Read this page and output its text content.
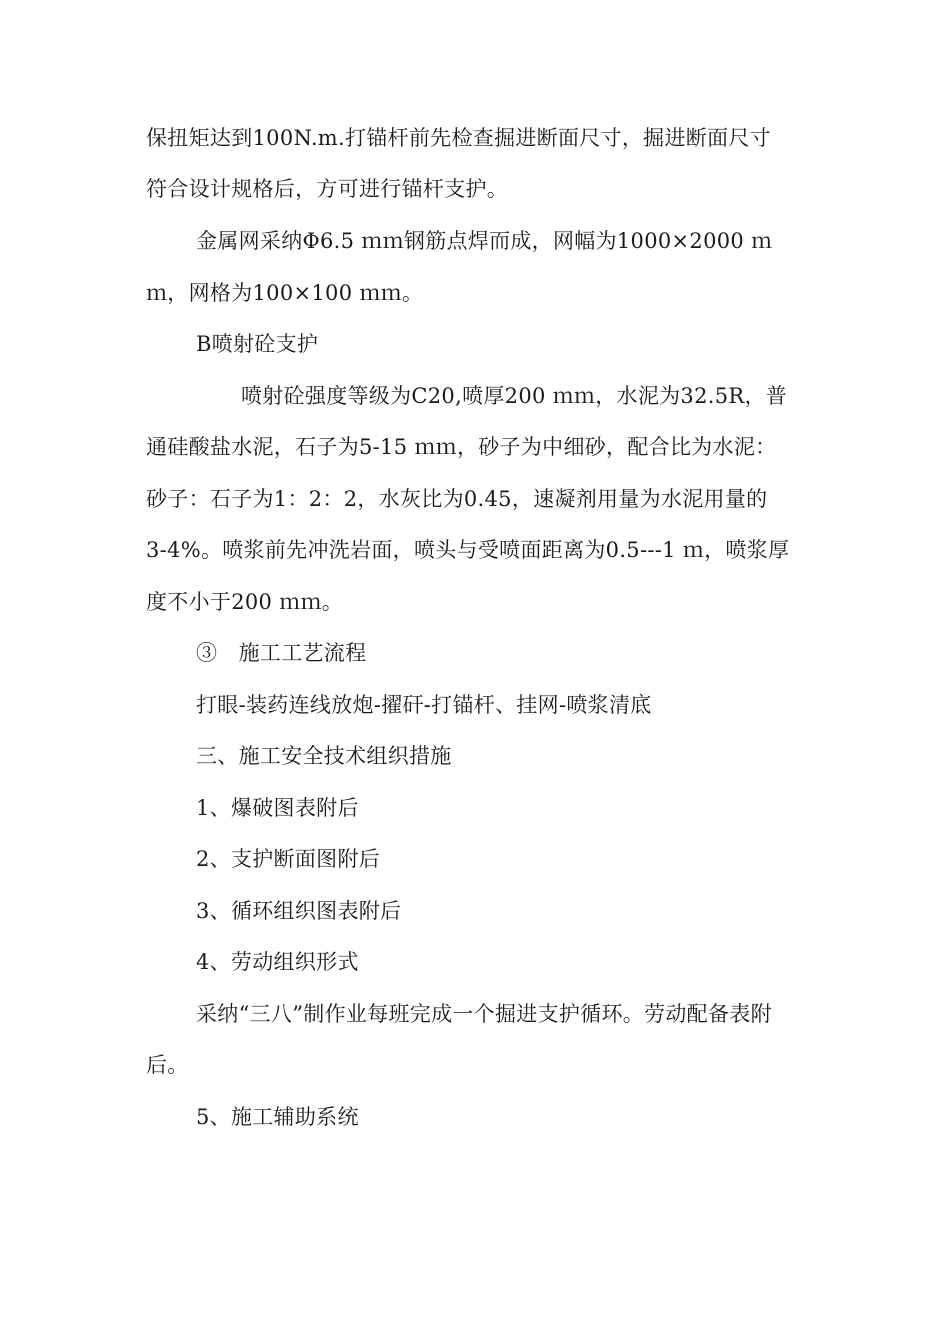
保扭矩达到100N.m.打锚杆前先检查掘进断面尺寸，掘进断面尺寸
符合设计规格后，方可进行锚杆支护。
金属网采纳Φ6.5 ｍｍ钢筋点焊而成，网幅为1000×2000 ｍ
ｍ，网格为100×100 ｍｍ。
B喷射砼支护
喷射砼强度等级为C20,喷厚200 ｍｍ，水泥为32.5R，普
通硅酸盐水泥，石子为5-15 ｍｍ，砂子为中细砂，配合比为水泥：
砂子：石子为1：2：2，水灰比为0.45，速凝剂用量为水泥用量的
3-4%。喷浆前先冲洗岩面，喷头与受喷面距离为0.5---1 ｍ，喷浆厚
度不小于200 ｍｍ。
③　施工工艺流程
打眼-装药连线放炮-擢矸-打锚杆、挂网-喷浆清底
三、施工安全技术组织措施
1、爆破图表附后
2、支护断面图附后
3、循环组织图表附后
4、劳动组织形式
采纳“三八”制作业每班完成一个掘进支护循环。劳动配备表附
后。
5、施工辅助系统
